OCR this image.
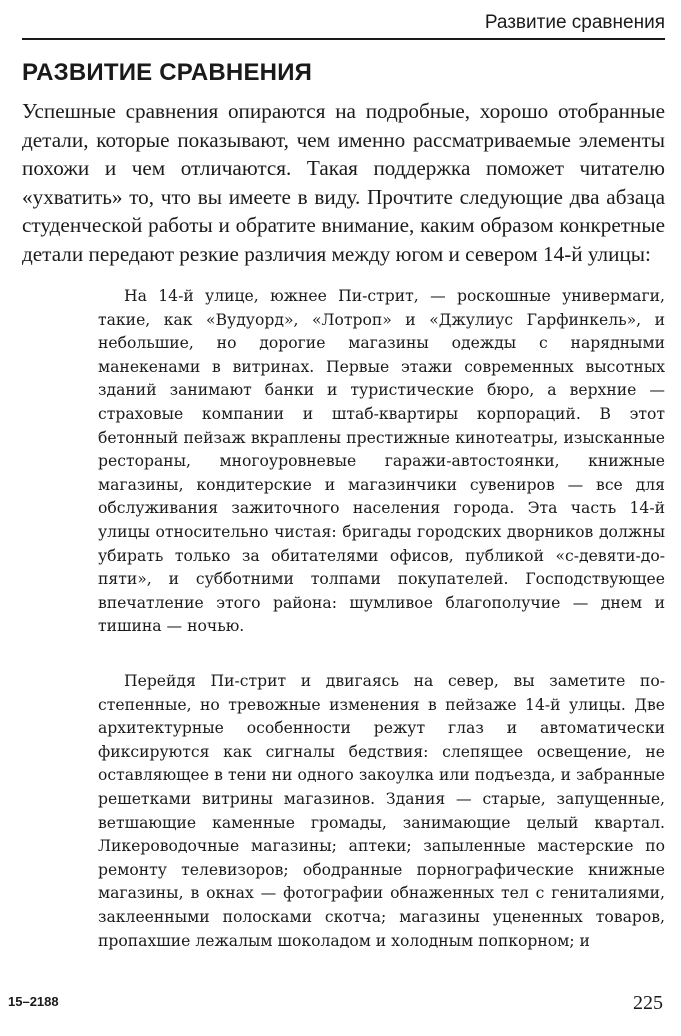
Развитие сравнения
РАЗВИТИЕ СРАВНЕНИЯ

Успешные сравнения опираются на подробные, хорошо отобранные детали, которые показывают, чем именно рассматриваемые элементы похожи и чем отличаются. Такая поддержка поможет читателю «ухватить» то, что вы имеете в виду. Прочтите следующие два абзаца студенческой работы и обратите внимание, каким образом конкретные детали передают резкие различия между югом и севером 14-й улицы:

На 14-й улице, южнее Пи-стрит, — роскошные универмаги, такие, как «Вудуорд», «Лотроп» и «Джулиус Гарфинкель», и небольшие, но дорогие магазины одежды с нарядными манекенами в витринах. Первые этажи современных высотных зданий занимают банки и туристические бюро, а верхние — страховые компании и штаб-квартиры корпораций. В этот бетонный пейзаж вкраплены престижные кинотеатры, изысканные рестораны, многоуровневые гаражи-автостоянки, книжные магазины, кондитерские и магазинчики сувениров — все для обслуживания зажиточного населения города. Эта часть 14-й улицы относительно чистая: бригады городских дворников должны убирать только за обитателями офисов, публикой «с-девяти-до-пяти», и субботними толпами покупателей. Господствующее впечатление этого района: шумливое благополучие — днем и тишина — ночью.

Перейдя Пи-стрит и двигаясь на север, вы заметите постепенные, но тревожные изменения в пейзаже 14-й улицы. Две архитектурные особенности режут глаз и автоматически фиксируются как сигналы бедствия: слепящее освещение, не оставляющее в тени ни одного закоулка или подъезда, и забранные решетками витрины магазинов. Здания — старые, запущенные, ветшающие каменные громады, занимающие целый квартал. Ликероводочные магазины; аптеки; запыленные мастерские по ремонту телевизоров; ободранные порнографические книжные магазины, в окнах — фотографии обнаженных тел с гениталиями, заклеенными полосками скотча; магазины уцененных товаров, пропахшие лежалым шоколадом и холодным попкорном; и

15–2188	225
